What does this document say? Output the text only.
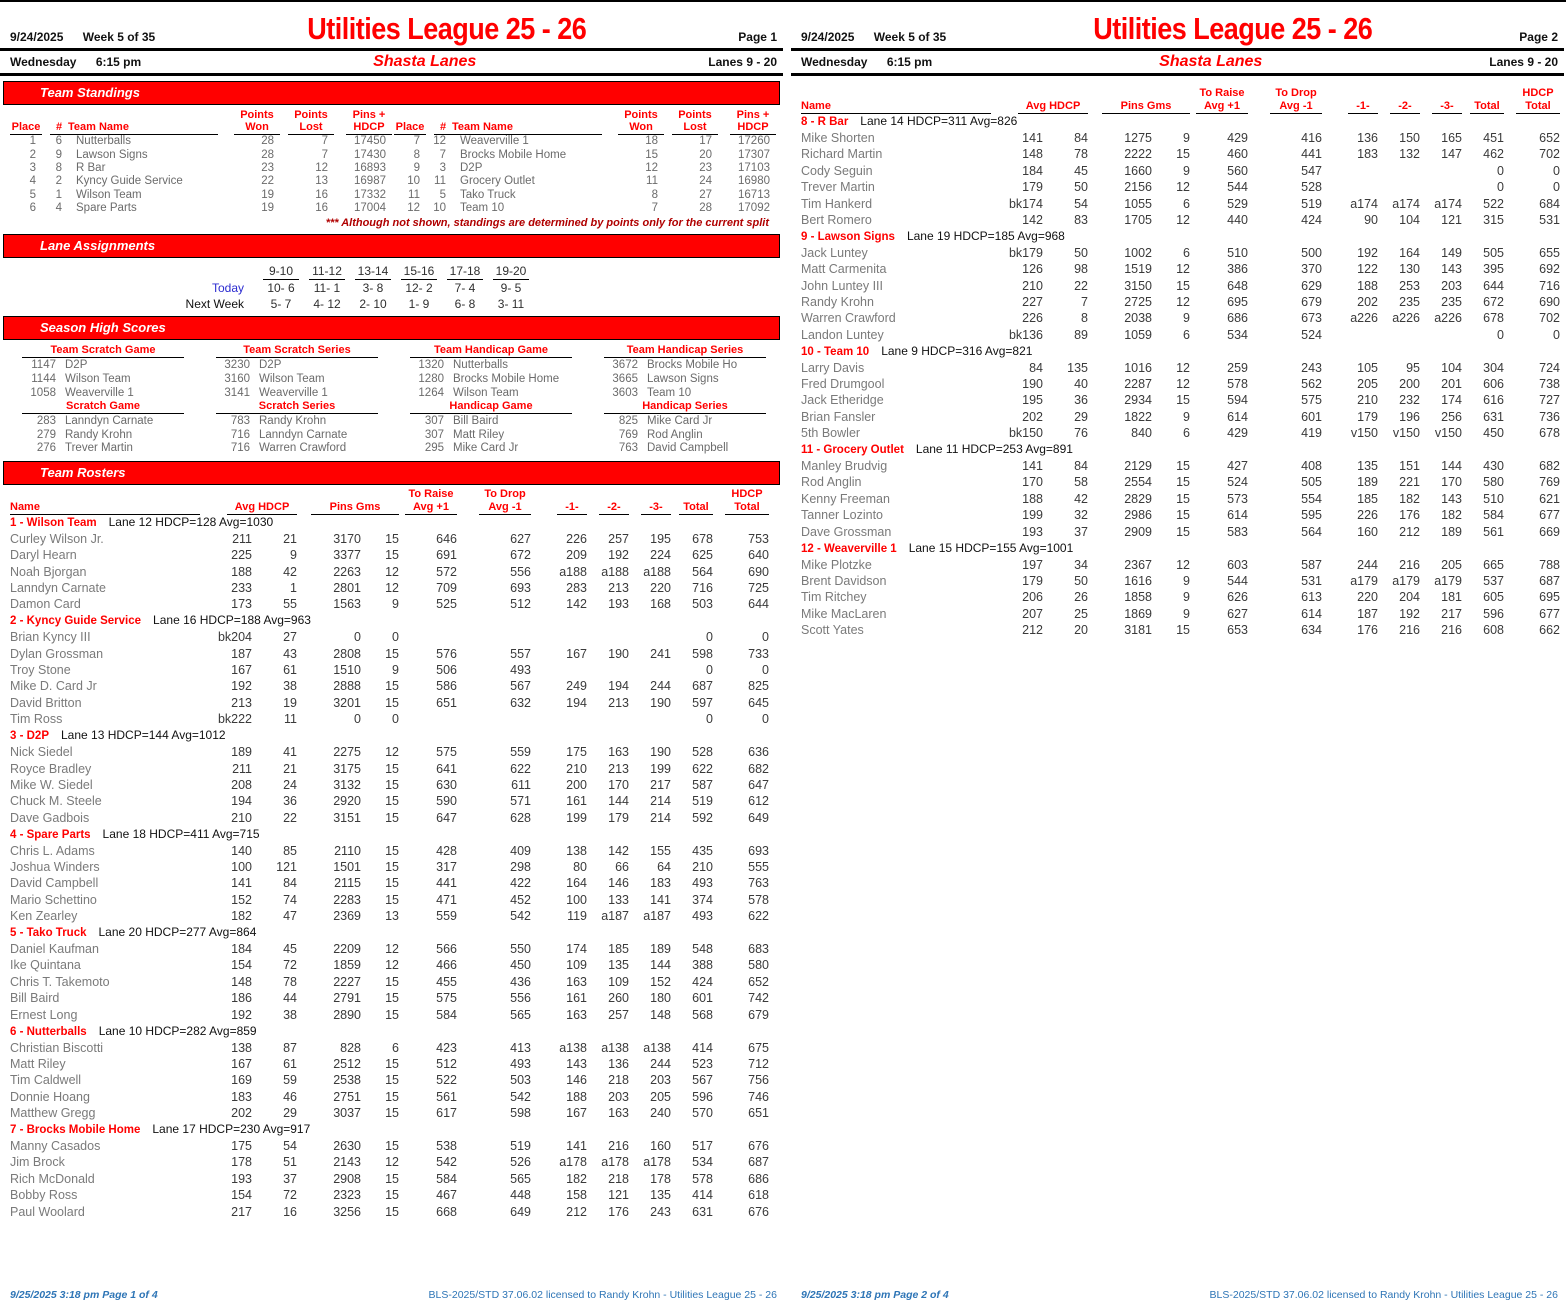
9/24/2025 Week 5 of 35	Utilities League 25 - 26	Page 1
Wednesday 6:15 pm	Shasta Lanes	Lanes 9 - 20
Team Standings
			Points	Points	Pins +
Place	#	Team Name	Won	Lost	HDCP
1	6	Nutterballs	28	7	17450
2	9	Lawson Signs	28	7	17430
3	8	R Bar	23	12	16893
4	2	Kyncy Guide Service	22	13	16987
5	1	Wilson Team	19	16	17332
6	4	Spare Parts	19	16	17004
			Points	Points	Pins +
Place	#	Team Name	Won	Lost	HDCP
7	12	Weaverville 1	18	17	17260
8	7	Brocks Mobile Home	15	20	17307
9	3	D2P	12	23	17103
10	11	Grocery Outlet	11	24	16980
11	5	Tako Truck	8	27	16713
12	10	Team 10	7	28	17092
*** Although not shown, standings are determined by points only for the current split
Lane Assignments
	9-10	11-12	13-14	15-16	17-18	19-20
Today	10- 6	11- 1	3- 8	12- 2	7- 4	9- 5
Next Week	5- 7	4- 12	2- 10	1- 9	6- 8	3- 11
Season High Scores
Team Scratch Game
1147 D2P
1144 Wilson Team
1058 Weaverville 1
Team Scratch Series
3230 D2P
3160 Wilson Team
3141 Weaverville 1
Team Handicap Game
1320 Nutterballs
1280 Brocks Mobile Home
1264 Wilson Team
Team Handicap Series
3672 Brocks Mobile Ho
3665 Lawson Signs
3603 Team 10
Scratch Game
283 Lanndyn Carnate
279 Randy Krohn
276 Trever Martin
Scratch Series
783 Randy Krohn
716 Lanndyn Carnate
716 Warren Crawford
Handicap Game
307 Bill Baird
307 Matt Riley
295 Mike Card Jr
Handicap Series
825 Mike Card Jr
769 Rod Anglin
763 David Campbell
Team Rosters
					To Raise	To Drop					HDCP
Name	Avg HDCP		Pins Gms		Avg +1	Avg -1	-1-	-2-	-3-	Total	Total
1 - Wilson Team Lane 12 HDCP=128 Avg=1030											
Curley Wilson Jr.	211	21	3170	15	646	627	226	257	195	678	753
Daryl Hearn	225	9	3377	15	691	672	209	192	224	625	640
Noah Bjorgan	188	42	2263	12	572	556	a188	a188	a188	564	690
Lanndyn Carnate	233	1	2801	12	709	693	283	213	220	716	725
Damon Card	173	55	1563	9	525	512	142	193	168	503	644
2 - Kyncy Guide Service Lane 16 HDCP=188 Avg=963											
Brian Kyncy III	bk204	27	0	0						0	0
Dylan Grossman	187	43	2808	15	576	557	167	190	241	598	733
Troy Stone	167	61	1510	9	506	493				0	0
Mike D. Card Jr	192	38	2888	15	586	567	249	194	244	687	825
David Britton	213	19	3201	15	651	632	194	213	190	597	645
Tim Ross	bk222	11	0	0						0	0
3 - D2P Lane 13 HDCP=144 Avg=1012											
Nick Siedel	189	41	2275	12	575	559	175	163	190	528	636
Royce Bradley	211	21	3175	15	641	622	210	213	199	622	682
Mike W. Siedel	208	24	3132	15	630	611	200	170	217	587	647
Chuck M. Steele	194	36	2920	15	590	571	161	144	214	519	612
Dave Gadbois	210	22	3151	15	647	628	199	179	214	592	649
4 - Spare Parts Lane 18 HDCP=411 Avg=715											
Chris L. Adams	140	85	2110	15	428	409	138	142	155	435	693
Joshua Winders	100	121	1501	15	317	298	80	66	64	210	555
David Campbell	141	84	2115	15	441	422	164	146	183	493	763
Mario Schettino	152	74	2283	15	471	452	100	133	141	374	578
Ken Zearley	182	47	2369	13	559	542	119	a187	a187	493	622
5 - Tako Truck Lane 20 HDCP=277 Avg=864											
Daniel Kaufman	184	45	2209	12	566	550	174	185	189	548	683
Ike Quintana	154	72	1859	12	466	450	109	135	144	388	580
Chris T. Takemoto	148	78	2227	15	455	436	163	109	152	424	652
Bill Baird	186	44	2791	15	575	556	161	260	180	601	742
Ernest Long	192	38	2890	15	584	565	163	257	148	568	679
6 - Nutterballs Lane 10 HDCP=282 Avg=859											
Christian Biscotti	138	87	828	6	423	413	a138	a138	a138	414	675
Matt Riley	167	61	2512	15	512	493	143	136	244	523	712
Tim Caldwell	169	59	2538	15	522	503	146	218	203	567	756
Donnie Hoang	183	46	2751	15	561	542	188	203	205	596	746
Matthew Gregg	202	29	3037	15	617	598	167	163	240	570	651
7 - Brocks Mobile Home Lane 17 HDCP=230 Avg=917											
Manny Casados	175	54	2630	15	538	519	141	216	160	517	676
Jim Brock	178	51	2143	12	542	526	a178	a178	a178	534	687
Rich McDonald	193	37	2908	15	584	565	182	218	178	578	686
Bobby Ross	154	72	2323	15	467	448	158	121	135	414	618
Paul Woolard	217	16	3256	15	668	649	212	176	243	631	676
9/25/2025 3:18 pm Page 1 of 4	BLS-2025/STD 37.06.02 licensed to Randy Krohn - Utilities League 25 - 26
9/24/2025 Week 5 of 35	Utilities League 25 - 26	Page 2
Wednesday 6:15 pm	Shasta Lanes	Lanes 9 - 20
					To Raise	To Drop					HDCP
Name	Avg HDCP		Pins Gms		Avg +1	Avg -1	-1-	-2-	-3-	Total	Total
8 - R Bar Lane 14 HDCP=311 Avg=826											
Mike Shorten	141	84	1275	9	429	416	136	150	165	451	652
Richard Martin	148	78	2222	15	460	441	183	132	147	462	702
Cody Seguin	184	45	1660	9	560	547				0	0
Trever Martin	179	50	2156	12	544	528				0	0
Tim Hankerd	bk174	54	1055	6	529	519	a174	a174	a174	522	684
Bert Romero	142	83	1705	12	440	424	90	104	121	315	531
9 - Lawson Signs Lane 19 HDCP=185 Avg=968											
Jack Luntey	bk179	50	1002	6	510	500	192	164	149	505	655
Matt Carmenita	126	98	1519	12	386	370	122	130	143	395	692
John Luntey III	210	22	3150	15	648	629	188	253	203	644	716
Randy Krohn	227	7	2725	12	695	679	202	235	235	672	690
Warren Crawford	226	8	2038	9	686	673	a226	a226	a226	678	702
Landon Luntey	bk136	89	1059	6	534	524				0	0
10 - Team 10 Lane 9 HDCP=316 Avg=821											
Larry Davis	84	135	1016	12	259	243	105	95	104	304	724
Fred Drumgool	190	40	2287	12	578	562	205	200	201	606	738
Jack Etheridge	195	36	2934	15	594	575	210	232	174	616	727
Brian Fansler	202	29	1822	9	614	601	179	196	256	631	736
5th Bowler	bk150	76	840	6	429	419	v150	v150	v150	450	678
11 - Grocery Outlet Lane 11 HDCP=253 Avg=891											
Manley Brudvig	141	84	2129	15	427	408	135	151	144	430	682
Rod Anglin	170	58	2554	15	524	505	189	221	170	580	769
Kenny Freeman	188	42	2829	15	573	554	185	182	143	510	621
Tanner Lozinto	199	32	2986	15	614	595	226	176	182	584	677
Dave Grossman	193	37	2909	15	583	564	160	212	189	561	669
12 - Weaverville 1 Lane 15 HDCP=155 Avg=1001											
Mike Plotzke	197	34	2367	12	603	587	244	216	205	665	788
Brent Davidson	179	50	1616	9	544	531	a179	a179	a179	537	687
Tim Ritchey	206	26	1858	9	626	613	220	204	181	605	695
Mike MacLaren	207	25	1869	9	627	614	187	192	217	596	677
Scott Yates	212	20	3181	15	653	634	176	216	216	608	662
9/25/2025 3:18 pm Page 2 of 4	BLS-2025/STD 37.06.02 licensed to Randy Krohn - Utilities League 25 - 26
